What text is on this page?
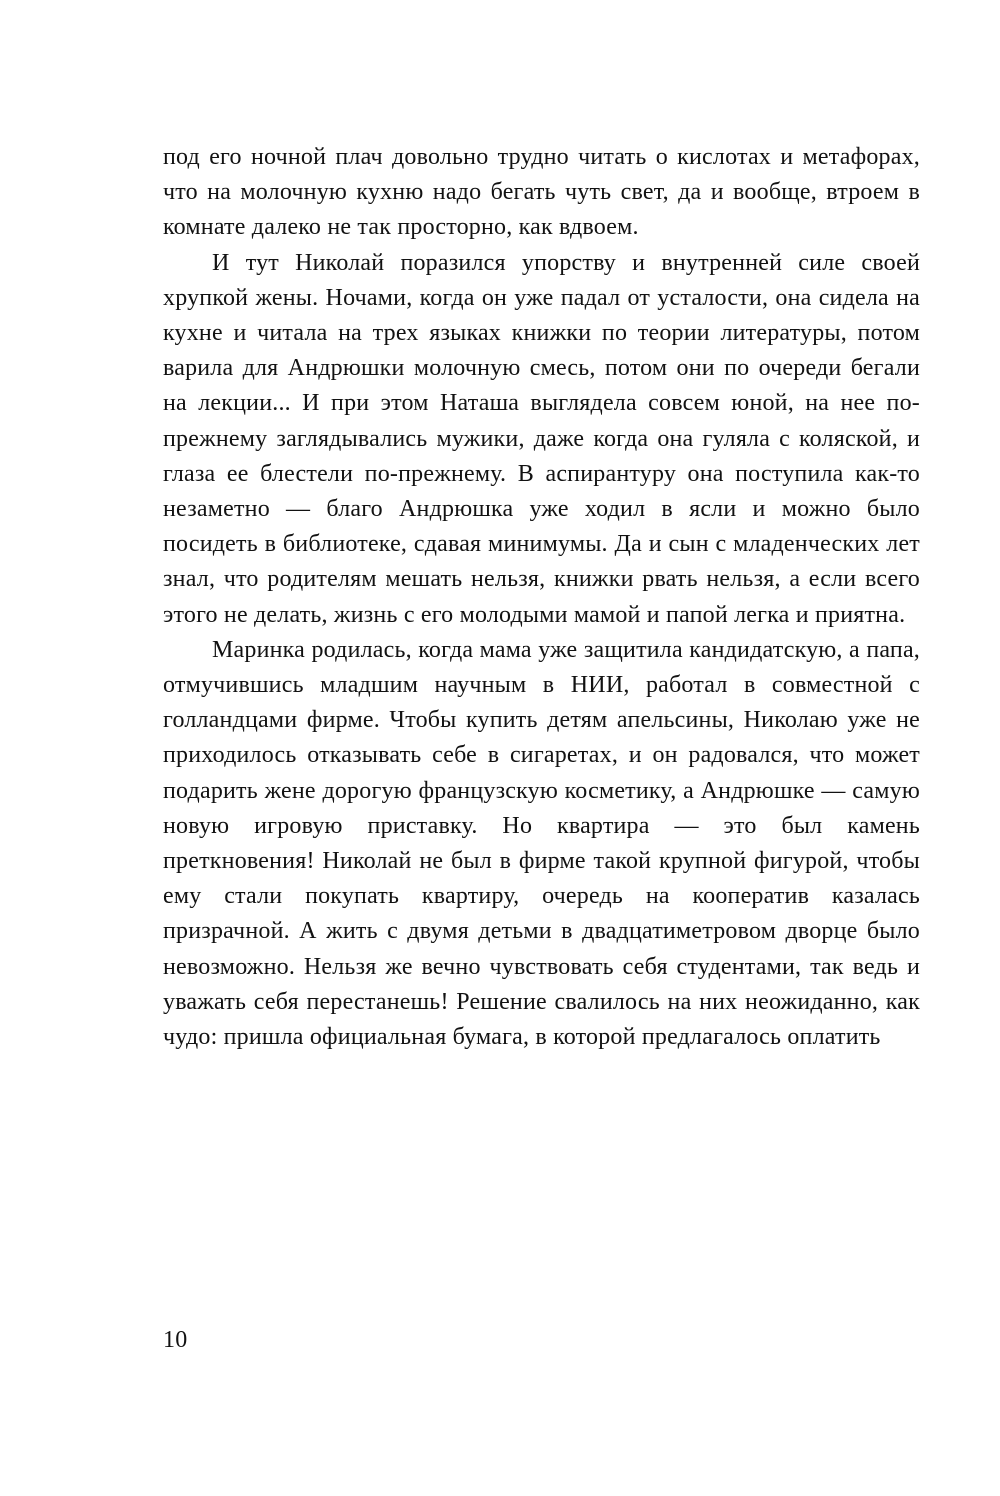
под его ночной плач довольно трудно читать о кислотах и метафорах, что на молочную кухню надо бегать чуть свет, да и вообще, втроем в комнате далеко не так просторно, как вдвоем.

И тут Николай поразился упорству и внутренней силе своей хрупкой жены. Ночами, когда он уже падал от усталости, она сидела на кухне и читала на трех языках книжки по теории литературы, потом варила для Андрюшки молочную смесь, потом они по очереди бегали на лекции... И при этом Наташа выглядела совсем юной, на нее по-прежнему заглядывались мужики, даже когда она гуляла с коляской, и глаза ее блестели по-прежнему. В аспирантуру она поступила как-то незаметно — благо Андрюшка уже ходил в ясли и можно было посидеть в библиотеке, сдавая минимумы. Да и сын с младенческих лет знал, что родителям мешать нельзя, книжки рвать нельзя, а если всего этого не делать, жизнь с его молодыми мамой и папой легка и приятна.

Маринка родилась, когда мама уже защитила кандидатскую, а папа, отмучившись младшим научным в НИИ, работал в совместной с голландцами фирме. Чтобы купить детям апельсины, Николаю уже не приходилось отказывать себе в сигаретах, и он радовался, что может подарить жене дорогую французскую косметику, а Андрюшке — самую новую игровую приставку. Но квартира — это был камень преткновения! Николай не был в фирме такой крупной фигурой, чтобы ему стали покупать квартиру, очередь на кооператив казалась призрачной. А жить с двумя детьми в двадцатиметровом дворце было невозможно. Нельзя же вечно чувствовать себя студентами, так ведь и уважать себя перестанешь! Решение свалилось на них неожиданно, как чудо: пришла официальная бумага, в которой предлагалось оплатить

10
